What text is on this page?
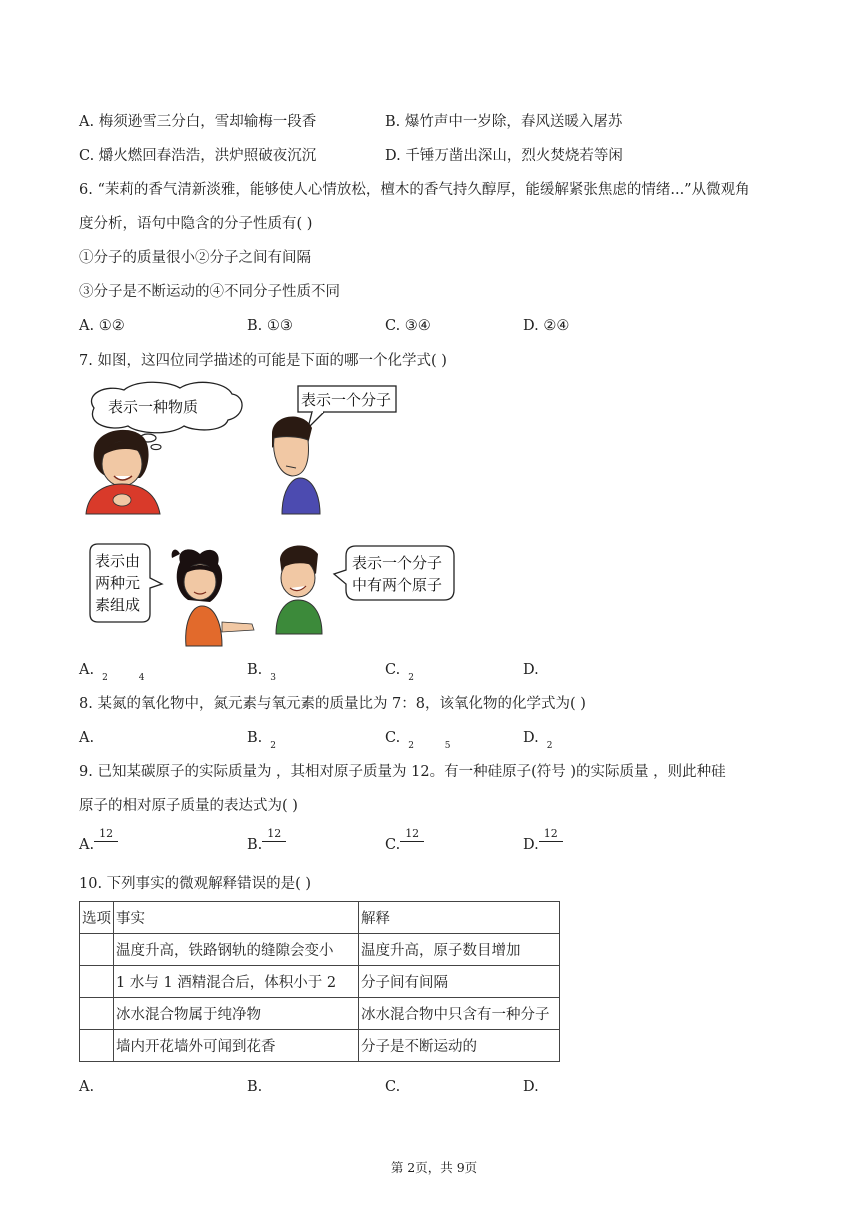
A. 梅须逊雪三分白，雪却输梅一段香	B. 爆竹声中一岁除，春风送暖入屠苏
C. 爝火燃回春浩浩，洪炉照破夜沉沉	D. 千锤万凿出深山，烈火焚烧若等闲
6. “茉莉的香气清新淡雅，能够使人心情放松，檀木的香气持久醇厚，能缓解紧张焦虑的情绪...”从微观角
度分析，语句中隐含的分子性质有( )
①分子的质量很小②分子之间有间隔
③分子是不断运动的④不同分子性质不同
A. ①②	B. ①③	C. ③④	D. ②④
7. 如图，这四位同学描述的可能是下面的哪一个化学式( )
表示一种物质	表示一个分子
表示由
两种元
素组成
表示一个分子
中有两个原子
A. $_{2 4}$	B. $_3$	C. $_2$	D.
8. 某氮的氧化物中，氮元素与氧元素的质量比为 7：8，该氧化物的化学式为( )
A.	B. $_2$	C. $_{2 5}$	D. $_2$
9. 已知某碳原子的实际质量为 ，其相对原子质量为 12。有一种硅原子(符号 )的实际质量 ，则此种硅
原子的相对原子质量的表达式为( )
A.
12
B.
12
C.
12
D.
12
10. 下列事实的微观解释错误的是( )
选项	事实	解释
	温度升高，铁路钢轨的缝隙会变小	温度升高，原子数目增加
	1 水与 1 酒精混合后，体积小于 2	分子间有间隔
	冰水混合物属于纯净物	冰水混合物中只含有一种分子
	墙内开花墙外可闻到花香	分子是不断运动的
A.	B.	C.	D.
第 2页，共 9页
